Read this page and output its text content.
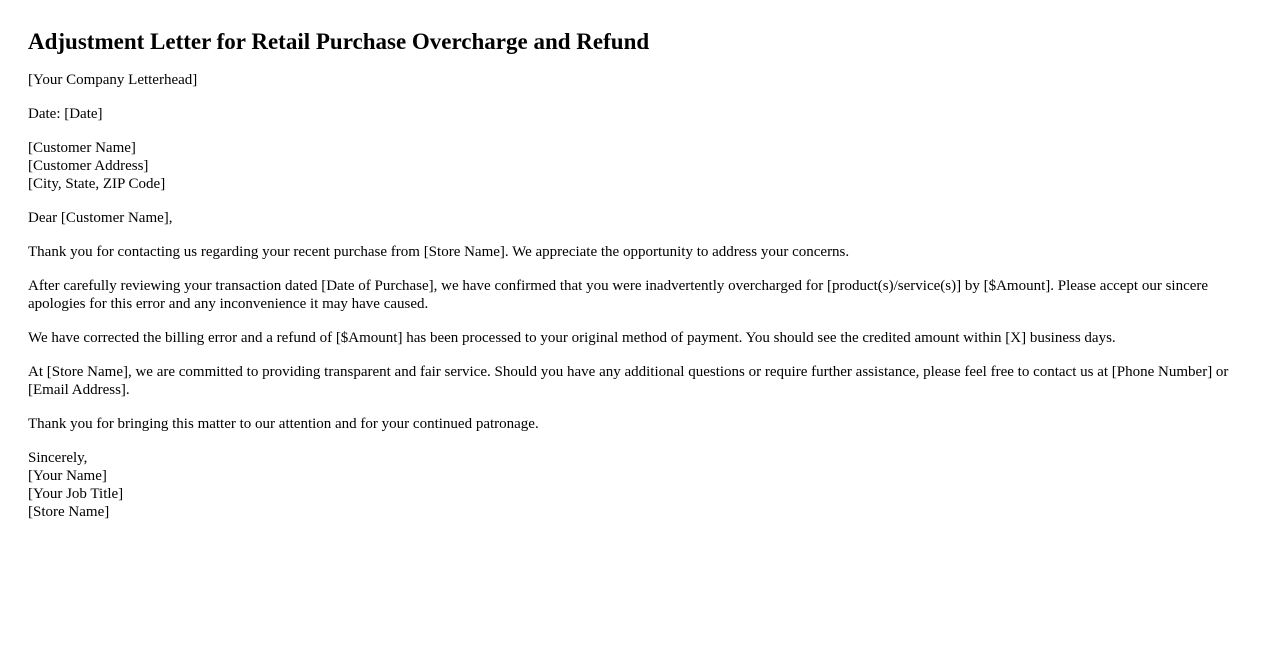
Adjustment Letter for Retail Purchase Overcharge and Refund

[Your Company Letterhead]

Date: [Date]

[Customer Name]
[Customer Address]
[City, State, ZIP Code]

Dear [Customer Name],

Thank you for contacting us regarding your recent purchase from [Store Name]. We appreciate the opportunity to address your concerns.

After carefully reviewing your transaction dated [Date of Purchase], we have confirmed that you were inadvertently overcharged for [product(s)/service(s)] by [$Amount]. Please accept our sincere apologies for this error and any inconvenience it may have caused.

We have corrected the billing error and a refund of [$Amount] has been processed to your original method of payment. You should see the credited amount within [X] business days.

At [Store Name], we are committed to providing transparent and fair service. Should you have any additional questions or require further assistance, please feel free to contact us at [Phone Number] or [Email Address].

Thank you for bringing this matter to our attention and for your continued patronage.

Sincerely,
[Your Name]
[Your Job Title]
[Store Name]
